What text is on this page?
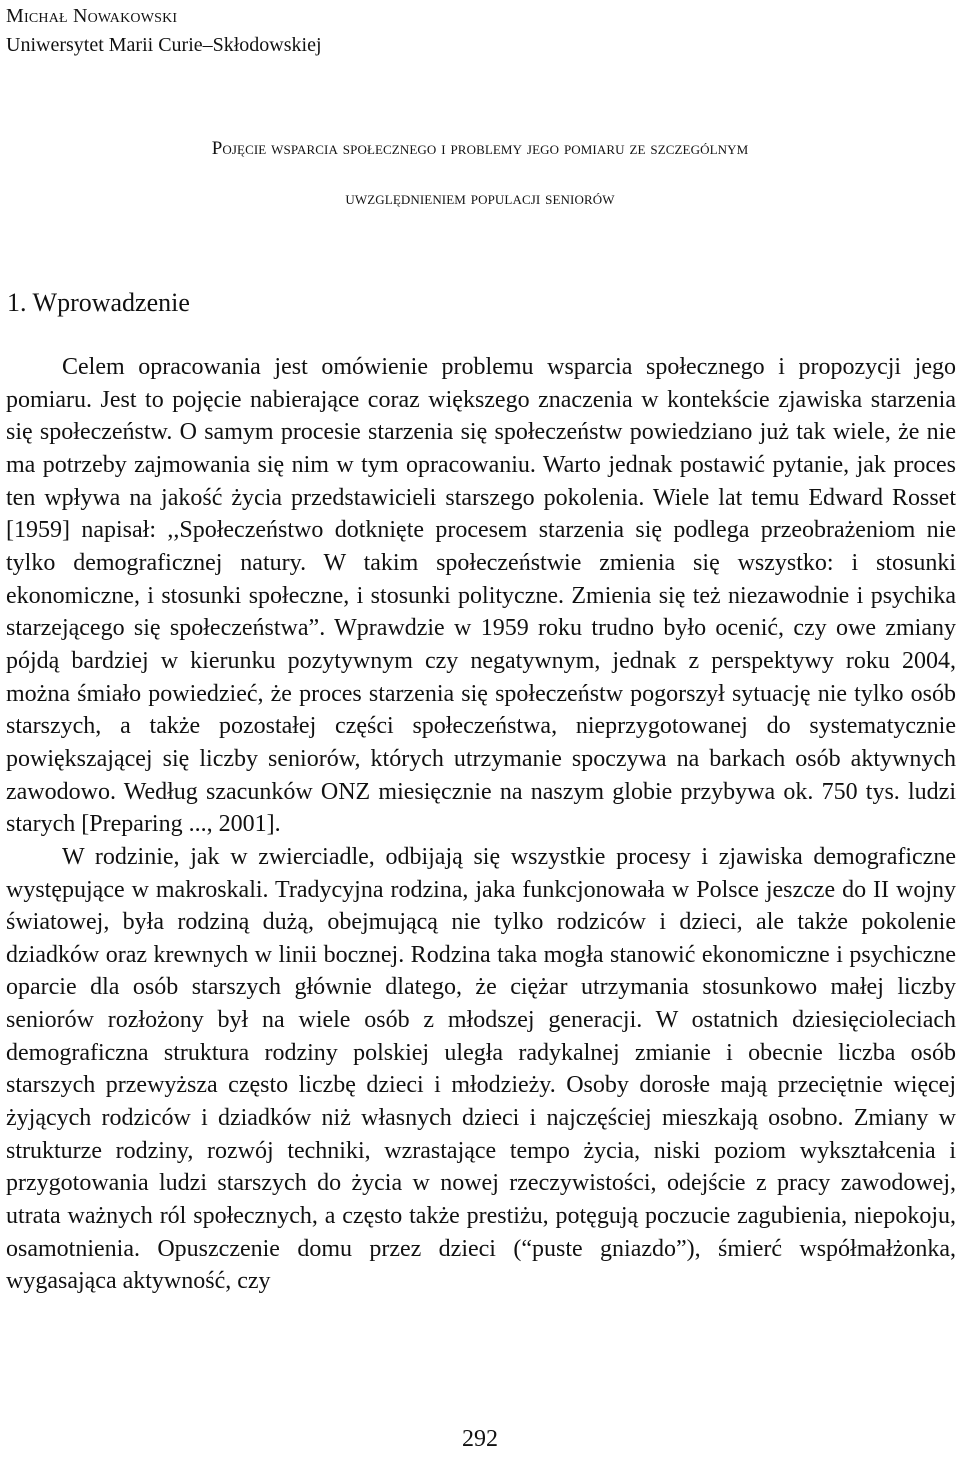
Michał Nowakowski
Uniwersytet Marii Curie–Skłodowskiej
Pojęcie wsparcia społecznego i problemy jego pomiaru ze szczególnym
uwzględnieniem populacji seniorów
1. Wprowadzenie

Celem opracowania jest omówienie problemu wsparcia społecznego i propozycji jego pomiaru. Jest to pojęcie nabierające coraz większego znaczenia w kontekście zjawiska starzenia się społeczeństw. O samym procesie starzenia się społeczeństw powiedziano już tak wiele, że nie ma potrzeby zajmowania się nim w tym opracowaniu. Warto jednak postawić pytanie, jak proces ten wpływa na jakość życia przedstawicieli starszego pokolenia. Wiele lat temu Edward Rosset [1959] napisał: ,,Społeczeństwo dotknięte procesem starzenia się podlega przeobrażeniom nie tylko demograficznej natury. W takim społeczeństwie zmienia się wszystko: i stosunki ekonomiczne, i stosunki społeczne, i stosunki polityczne. Zmienia się też niezawodnie i psychika starzejącego się społeczeństwa”. Wprawdzie w 1959 roku trudno było ocenić, czy owe zmiany pójdą bardziej w kierunku pozytywnym czy negatywnym, jednak z perspektywy roku 2004, można śmiało powiedzieć, że proces starzenia się społeczeństw pogorszył sytuację nie tylko osób starszych, a także pozostałej części społeczeństwa, nieprzygotowanej do systematycznie powiększającej się liczby seniorów, których utrzymanie spoczywa na barkach osób aktywnych zawodowo. Według szacunków ONZ miesięcznie na naszym globie przybywa ok. 750 tys. ludzi starych [Preparing ..., 2001].

W rodzinie, jak w zwierciadle, odbijają się wszystkie procesy i zjawiska demograficzne występujące w makroskali. Tradycyjna rodzina, jaka funkcjonowała w Polsce jeszcze do II wojny światowej, była rodziną dużą, obejmującą nie tylko rodziców i dzieci, ale także pokolenie dziadków oraz krewnych w linii bocznej. Rodzina taka mogła stanowić ekonomiczne i psychiczne oparcie dla osób starszych głównie dlatego, że ciężar utrzymania stosunkowo małej liczby seniorów rozłożony był na wiele osób z młodszej generacji. W ostatnich dziesięcioleciach demograficzna struktura rodziny polskiej uległa radykalnej zmianie i obecnie liczba osób starszych przewyższa często liczbę dzieci i młodzieży. Osoby dorosłe mają przeciętnie więcej żyjących rodziców i dziadków niż własnych dzieci i najczęściej mieszkają osobno. Zmiany w strukturze rodziny, rozwój techniki, wzrastające tempo życia, niski poziom wykształcenia i przygotowania ludzi starszych do życia w nowej rzeczywistości, odejście z pracy zawodowej, utrata ważnych ról społecznych, a często także prestiżu, potęgują poczucie zagubienia, niepokoju, osamotnienia. Opuszczenie domu przez dzieci (“puste gniazdo”), śmierć współmałżonka, wygasająca aktywność, czy

292
